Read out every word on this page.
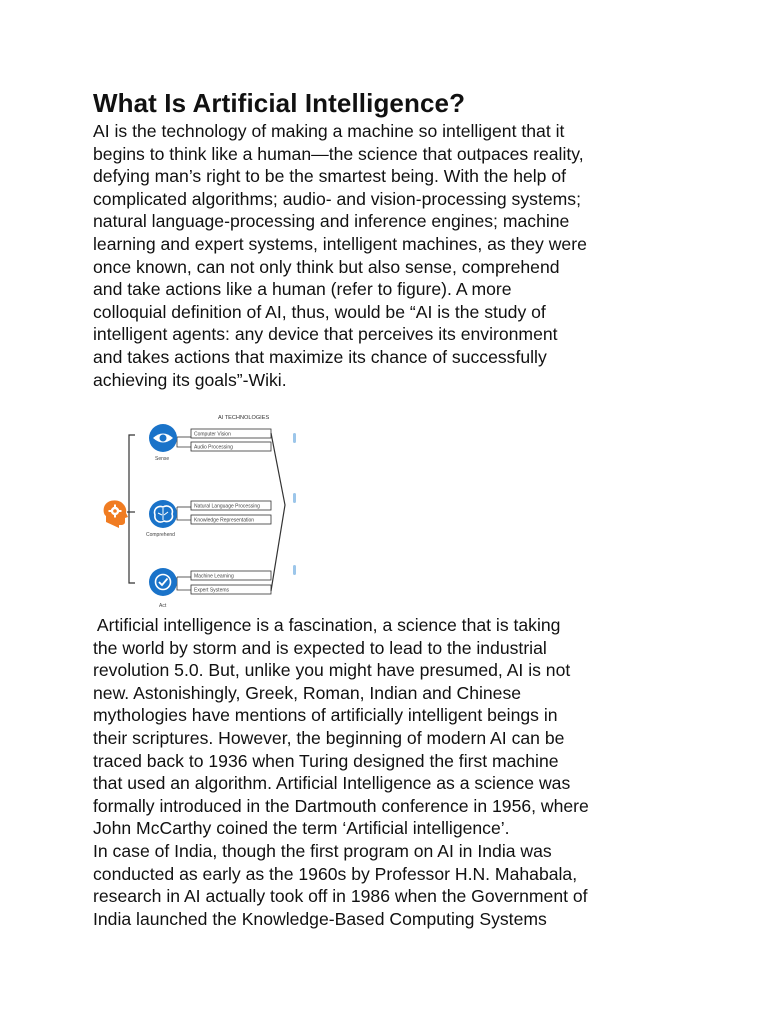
What Is Artificial Intelligence?

AI is the technology of making a machine so intelligent that it
begins to think like a human—the science that outpaces reality,
defying man’s right to be the smartest being. With the help of
complicated algorithms; audio- and vision-processing systems;
natural language-processing and inference engines; machine
learning and expert systems, intelligent machines, as they were
once known, can not only think but also sense, comprehend
and take actions like a human (refer to figure). A more
colloquial definition of AI, thus, would be “AI is the study of
intelligent agents: any device that perceives its environment
and takes actions that maximize its chance of successfully
achieving its goals”-Wiki.

Artificial intelligence is a fascination, a science that is taking
the world by storm and is expected to lead to the industrial
revolution 5.0. But, unlike you might have presumed, AI is not
new. Astonishingly, Greek, Roman, Indian and Chinese
mythologies have mentions of artificially intelligent beings in
their scriptures. However, the beginning of modern AI can be
traced back to 1936 when Turing designed the first machine
that used an algorithm. Artificial Intelligence as a science was
formally introduced in the Dartmouth conference in 1956, where
John McCarthy coined the term ‘Artificial intelligence’.
In case of India, though the first program on AI in India was
conducted as early as the 1960s by Professor H.N. Mahabala,
research in AI actually took off in 1986 when the Government of
India launched the Knowledge-Based Computing Systems

AI TECHNOLOGIES
Sense
Computer Vision
Audio Processing
Comprehend
Natural Language Processing
Knowledge Representation
Act
Machine Learning
Expert Systems
